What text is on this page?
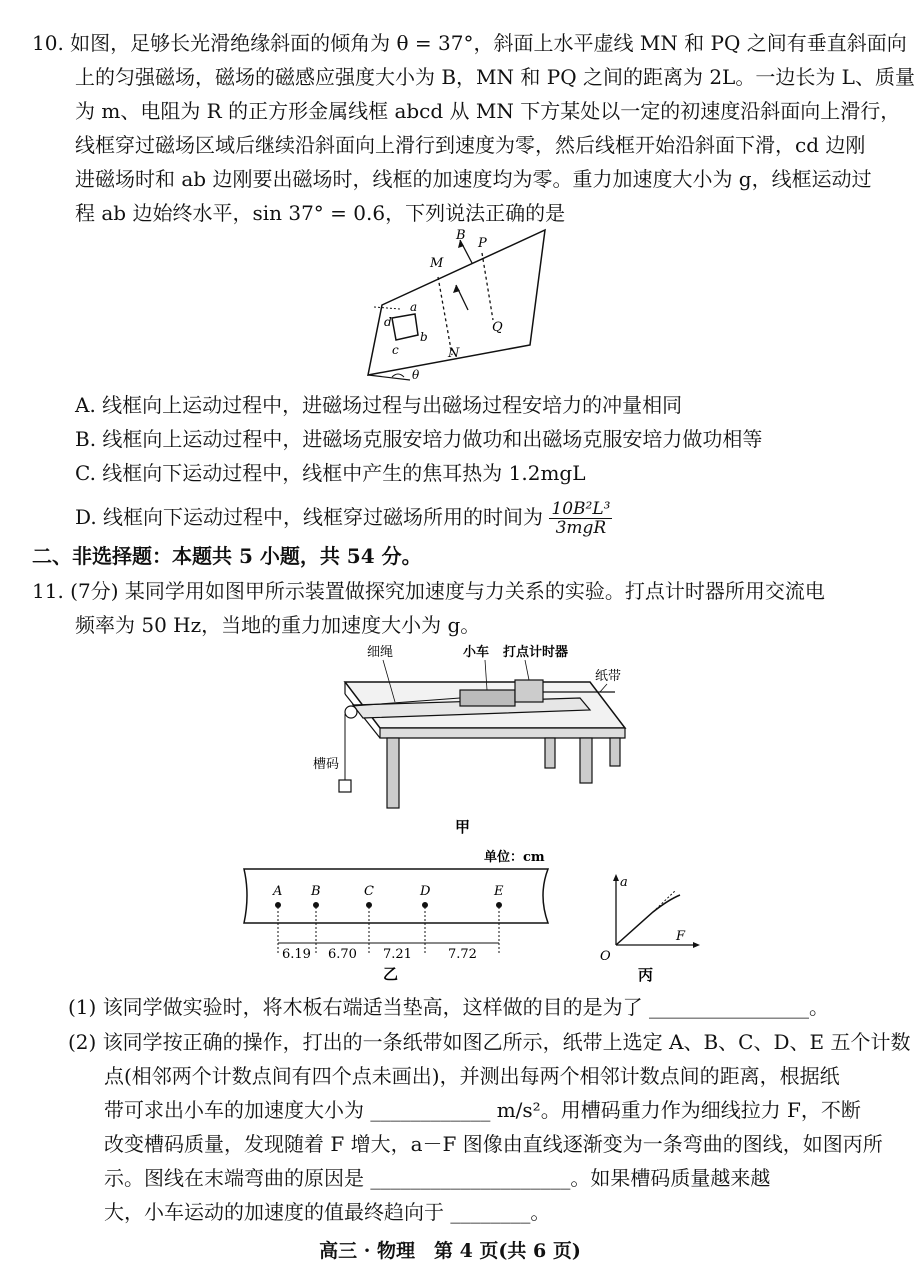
10. 如图，足够长光滑绝缘斜面的倾角为 θ = 37°，斜面上水平虚线 MN 和 PQ 之间有垂直斜面向
上的匀强磁场，磁场的磁感应强度大小为 B，MN 和 PQ 之间的距离为 2L。一边长为 L、质量
为 m、电阻为 R 的正方形金属线框 abcd 从 MN 下方某处以一定的初速度沿斜面向上滑行，
线框穿过磁场区域后继续沿斜面向上滑行到速度为零，然后线框开始沿斜面下滑，cd 边刚
进磁场时和 ab 边刚要出磁场时，线框的加速度均为零。重力加速度大小为 g，线框运动过
程 ab 边始终水平，sin 37° = 0.6，下列说法正确的是
B
P
M
a
d
b
c	N
Q
θ
A. 线框向上运动过程中，进磁场过程与出磁场过程安培力的冲量相同
B. 线框向上运动过程中，进磁场克服安培力做功和出磁场克服安培力做功相等
C. 线框向下运动过程中，线框中产生的焦耳热为 1.2mgL
D. 线框向下运动过程中，线框穿过磁场所用的时间为 $\frac{\text{10B²L³}}{\text{3mgR}}$
二、非选择题：本题共 5 小题，共 54 分。
11. (7分) 某同学用如图甲所示装置做探究加速度与力关系的实验。打点计时器所用交流电
频率为 50 Hz，当地的重力加速度大小为 g。
细绳	小车 打点计时器
纸带
槽码
甲
单位：cm
A B	C	D	E
6.19 6.70 7.21	7.72
乙
a
F
O
丙
(1) 该同学做实验时，将木板右端适当垫高，这样做的目的是为了 ________________。
(2) 该同学按正确的操作，打出的一条纸带如图乙所示，纸带上选定 A、B、C、D、E 五个计数
点(相邻两个计数点间有四个点未画出)，并测出每两个相邻计数点间的距离，根据纸
带可求出小车的加速度大小为 ____________ m/s²。用槽码重力作为细线拉力 F，不断
改变槽码质量，发现随着 F 增大，a－F 图像由直线逐渐变为一条弯曲的图线，如图丙所
示。图线在末端弯曲的原因是 ____________________。如果槽码质量越来越
大，小车运动的加速度的值最终趋向于 ________。
高三 · 物理　第 4 页(共 6 页)
